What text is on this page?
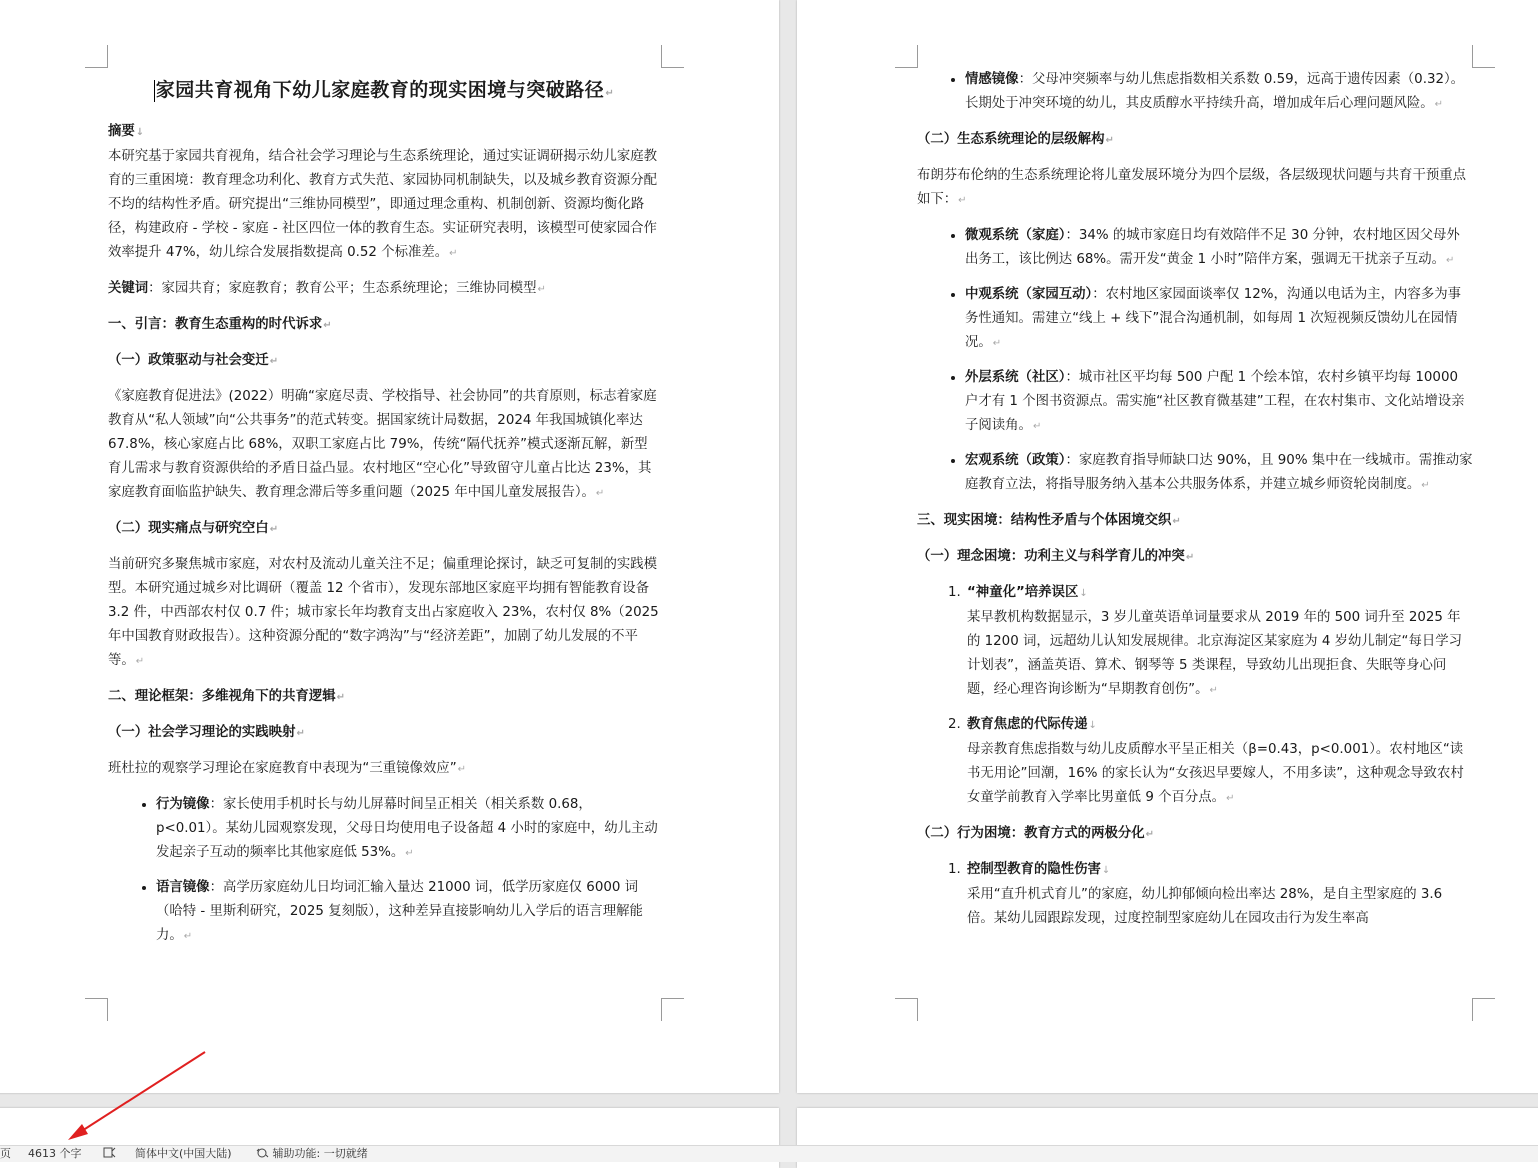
家园共育视角下幼儿家庭教育的现实困境与突破路径↵
摘要↓

本研究基于家园共育视角，结合社会学习理论与生态系统理论，通过实证调研揭示幼儿家庭教育的三重困境：教育理念功利化、教育方式失范、家园协同机制缺失，以及城乡教育资源分配不均的结构性矛盾。研究提出“三维协同模型”，即通过理念重构、机制创新、资源均衡化路径，构建政府 - 学校 - 家庭 - 社区四位一体的教育生态。实证研究表明，该模型可使家园合作效率提升 47%，幼儿综合发展指数提高 0.52 个标准差。↵

关键词：家园共育；家庭教育；教育公平；生态系统理论；三维协同模型↵

一、引言：教育生态重构的时代诉求↵

（一）政策驱动与社会变迁↵

《家庭教育促进法》(2022）明确“家庭尽责、学校指导、社会协同”的共育原则，标志着家庭教育从“私人领域”向“公共事务”的范式转变。据国家统计局数据，2024 年我国城镇化率达 67.8%，核心家庭占比 68%，双职工家庭占比 79%，传统“隔代抚养”模式逐渐瓦解，新型育儿需求与教育资源供给的矛盾日益凸显。农村地区“空心化”导致留守儿童占比达 23%，其家庭教育面临监护缺失、教育理念滞后等多重问题（2025 年中国儿童发展报告）。↵

（二）现实痛点与研究空白↵

当前研究多聚焦城市家庭，对农村及流动儿童关注不足；偏重理论探讨，缺乏可复制的实践模型。本研究通过城乡对比调研（覆盖 12 个省市），发现东部地区家庭平均拥有智能教育设备 3.2 件，中西部农村仅 0.7 件；城市家长年均教育支出占家庭收入 23%，农村仅 8%（2025 年中国教育财政报告）。这种资源分配的“数字鸿沟”与“经济差距”，加剧了幼儿发展的不平等。↵

二、理论框架：多维视角下的共育逻辑↵

（一）社会学习理论的实践映射↵

班杜拉的观察学习理论在家庭教育中表现为“三重镜像效应”↵

• 行为镜像：家长使用手机时长与幼儿屏幕时间呈正相关（相关系数 0.68，p<0.01）。某幼儿园观察发现，父母日均使用电子设备超 4 小时的家庭中，幼儿主动发起亲子互动的频率比其他家庭低 53%。↵
• 语言镜像：高学历家庭幼儿日均词汇输入量达 21000 词，低学历家庭仅 6000 词（哈特 - 里斯利研究，2025 复刻版），这种差异直接影响幼儿入学后的语言理解能力。↵
• 情感镜像：父母冲突频率与幼儿焦虑指数相关系数 0.59，远高于遗传因素（0.32）。长期处于冲突环境的幼儿，其皮质醇水平持续升高，增加成年后心理问题风险。↵

（二）生态系统理论的层级解构↵

布朗芬布伦纳的生态系统理论将儿童发展环境分为四个层级，各层级现状问题与共育干预重点如下：↵

• 微观系统（家庭）：34% 的城市家庭日均有效陪伴不足 30 分钟，农村地区因父母外出务工，该比例达 68%。需开发“黄金 1 小时”陪伴方案，强调无干扰亲子互动。↵
• 中观系统（家园互动）：农村地区家园面谈率仅 12%，沟通以电话为主，内容多为事务性通知。需建立“线上 + 线下”混合沟通机制，如每周 1 次短视频反馈幼儿在园情况。↵
• 外层系统（社区）：城市社区平均每 500 户配 1 个绘本馆，农村乡镇平均每 10000 户才有 1 个图书资源点。需实施“社区教育微基建”工程，在农村集市、文化站增设亲子阅读角。↵
• 宏观系统（政策）：家庭教育指导师缺口达 90%，且 90% 集中在一线城市。需推动家庭教育立法，将指导服务纳入基本公共服务体系，并建立城乡师资轮岗制度。↵

三、现实困境：结构性矛盾与个体困境交织↵

（一）理念困境：功利主义与科学育儿的冲突↵

1. “神童化”培养误区↓
某早教机构数据显示，3 岁儿童英语单词量要求从 2019 年的 500 词升至 2025 年的 1200 词，远超幼儿认知发展规律。北京海淀区某家庭为 4 岁幼儿制定“每日学习计划表”，涵盖英语、算术、钢琴等 5 类课程，导致幼儿出现拒食、失眠等身心问题，经心理咨询诊断为“早期教育创伤”。↵
2. 教育焦虑的代际传递↓
母亲教育焦虑指数与幼儿皮质醇水平呈正相关（β=0.43，p<0.001）。农村地区“读书无用论”回潮，16% 的家长认为“女孩迟早要嫁人，不用多读”，这种观念导致农村女童学前教育入学率比男童低 9 个百分点。↵

（二）行为困境：教育方式的两极分化↵

1. 控制型教育的隐性伤害↓
采用“直升机式育儿”的家庭，幼儿抑郁倾向检出率达 28%，是自主型家庭的 3.6 倍。某幼儿园跟踪发现，过度控制型家庭幼儿在园攻击行为发生率高
页 4613 个字	简体中文(中国大陆)	辅助功能: 一切就绪
